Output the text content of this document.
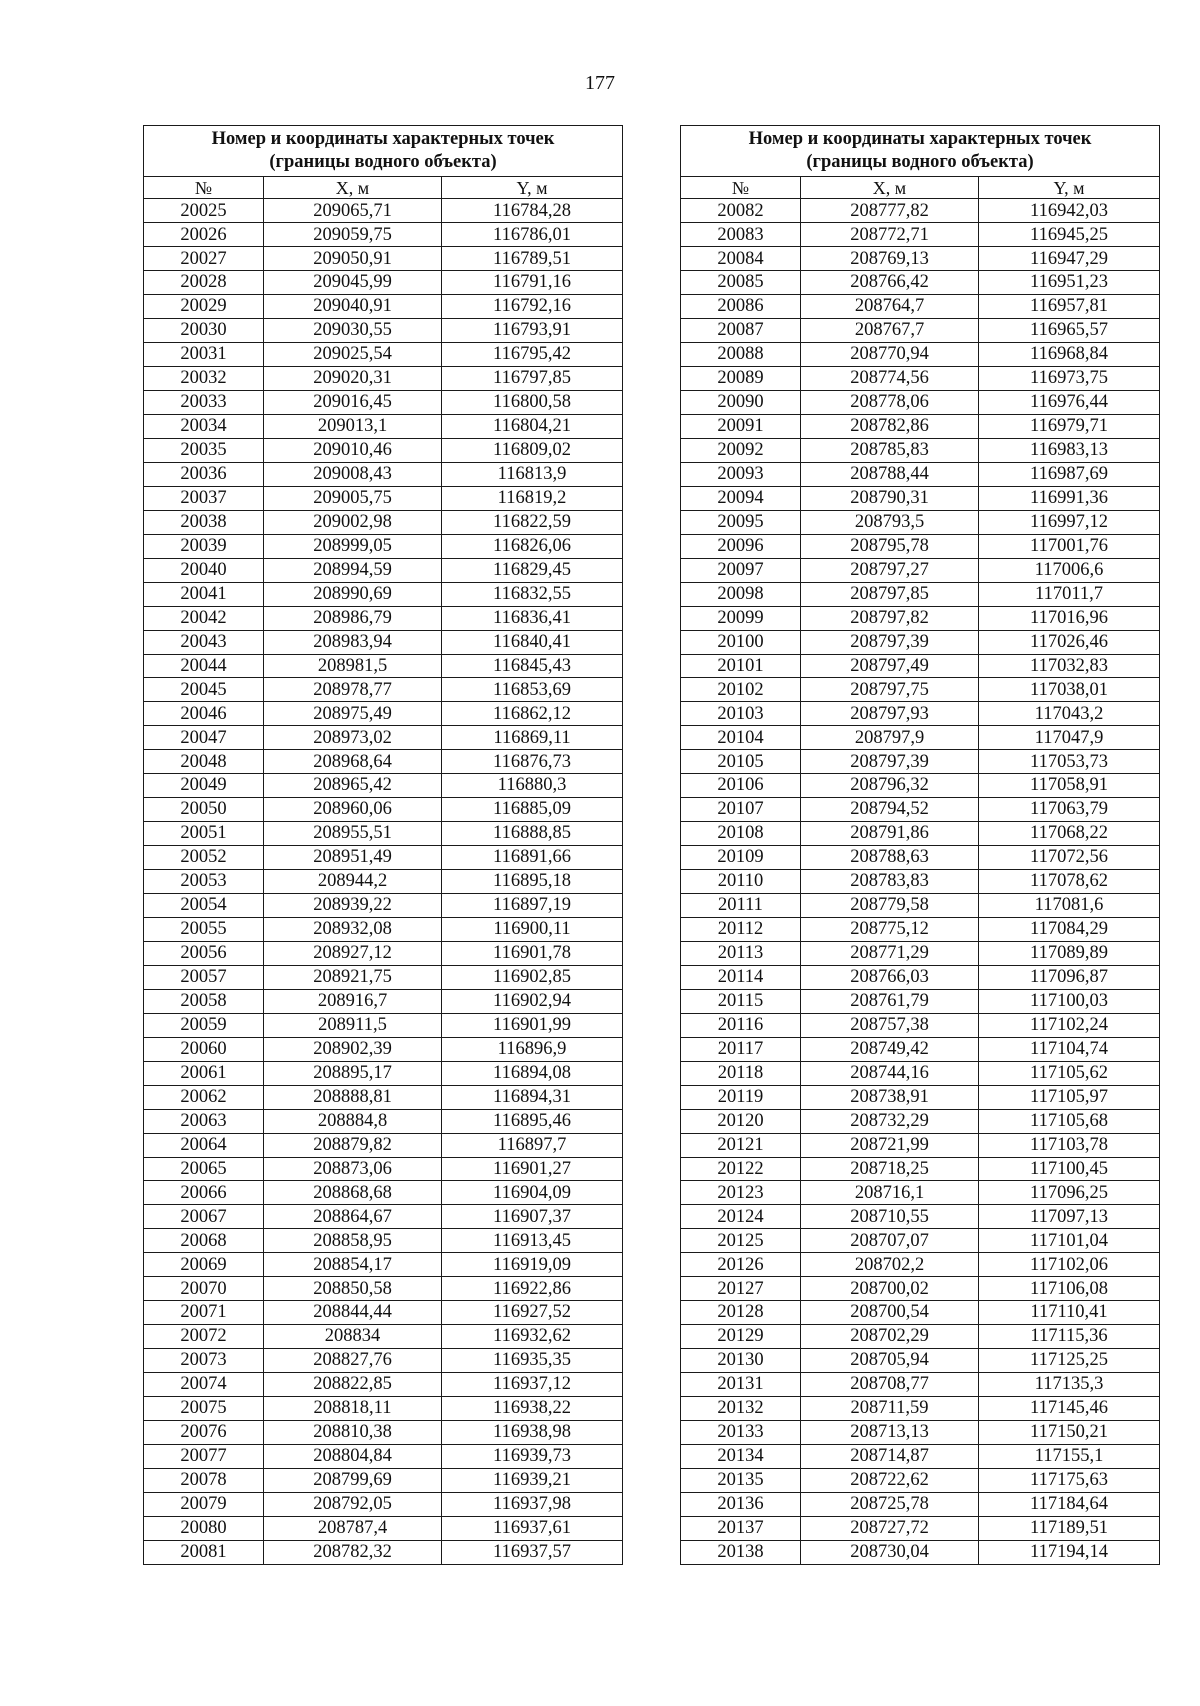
177
Номер и координаты характерных точек
(границы водного объекта)		

№	X, м	Y, м
20025	209065,71	116784,28
20026	209059,75	116786,01
20027	209050,91	116789,51
20028	209045,99	116791,16
20029	209040,91	116792,16
20030	209030,55	116793,91
20031	209025,54	116795,42
20032	209020,31	116797,85
20033	209016,45	116800,58
20034	209013,1	116804,21
20035	209010,46	116809,02
20036	209008,43	116813,9
20037	209005,75	116819,2
20038	209002,98	116822,59
20039	208999,05	116826,06
20040	208994,59	116829,45
20041	208990,69	116832,55
20042	208986,79	116836,41
20043	208983,94	116840,41
20044	208981,5	116845,43
20045	208978,77	116853,69
20046	208975,49	116862,12
20047	208973,02	116869,11
20048	208968,64	116876,73
20049	208965,42	116880,3
20050	208960,06	116885,09
20051	208955,51	116888,85
20052	208951,49	116891,66
20053	208944,2	116895,18
20054	208939,22	116897,19
20055	208932,08	116900,11
20056	208927,12	116901,78
20057	208921,75	116902,85
20058	208916,7	116902,94
20059	208911,5	116901,99
20060	208902,39	116896,9
20061	208895,17	116894,08
20062	208888,81	116894,31
20063	208884,8	116895,46
20064	208879,82	116897,7
20065	208873,06	116901,27
20066	208868,68	116904,09
20067	208864,67	116907,37
20068	208858,95	116913,45
20069	208854,17	116919,09
20070	208850,58	116922,86
20071	208844,44	116927,52
20072	208834	116932,62
20073	208827,76	116935,35
20074	208822,85	116937,12
20075	208818,11	116938,22
20076	208810,38	116938,98
20077	208804,84	116939,73
20078	208799,69	116939,21
20079	208792,05	116937,98
20080	208787,4	116937,61
20081	208782,32	116937,57
Номер и координаты характерных точек
(границы водного объекта)		

№	X, м	Y, м
20082	208777,82	116942,03
20083	208772,71	116945,25
20084	208769,13	116947,29
20085	208766,42	116951,23
20086	208764,7	116957,81
20087	208767,7	116965,57
20088	208770,94	116968,84
20089	208774,56	116973,75
20090	208778,06	116976,44
20091	208782,86	116979,71
20092	208785,83	116983,13
20093	208788,44	116987,69
20094	208790,31	116991,36
20095	208793,5	116997,12
20096	208795,78	117001,76
20097	208797,27	117006,6
20098	208797,85	117011,7
20099	208797,82	117016,96
20100	208797,39	117026,46
20101	208797,49	117032,83
20102	208797,75	117038,01
20103	208797,93	117043,2
20104	208797,9	117047,9
20105	208797,39	117053,73
20106	208796,32	117058,91
20107	208794,52	117063,79
20108	208791,86	117068,22
20109	208788,63	117072,56
20110	208783,83	117078,62
20111	208779,58	117081,6
20112	208775,12	117084,29
20113	208771,29	117089,89
20114	208766,03	117096,87
20115	208761,79	117100,03
20116	208757,38	117102,24
20117	208749,42	117104,74
20118	208744,16	117105,62
20119	208738,91	117105,97
20120	208732,29	117105,68
20121	208721,99	117103,78
20122	208718,25	117100,45
20123	208716,1	117096,25
20124	208710,55	117097,13
20125	208707,07	117101,04
20126	208702,2	117102,06
20127	208700,02	117106,08
20128	208700,54	117110,41
20129	208702,29	117115,36
20130	208705,94	117125,25
20131	208708,77	117135,3
20132	208711,59	117145,46
20133	208713,13	117150,21
20134	208714,87	117155,1
20135	208722,62	117175,63
20136	208725,78	117184,64
20137	208727,72	117189,51
20138	208730,04	117194,14
